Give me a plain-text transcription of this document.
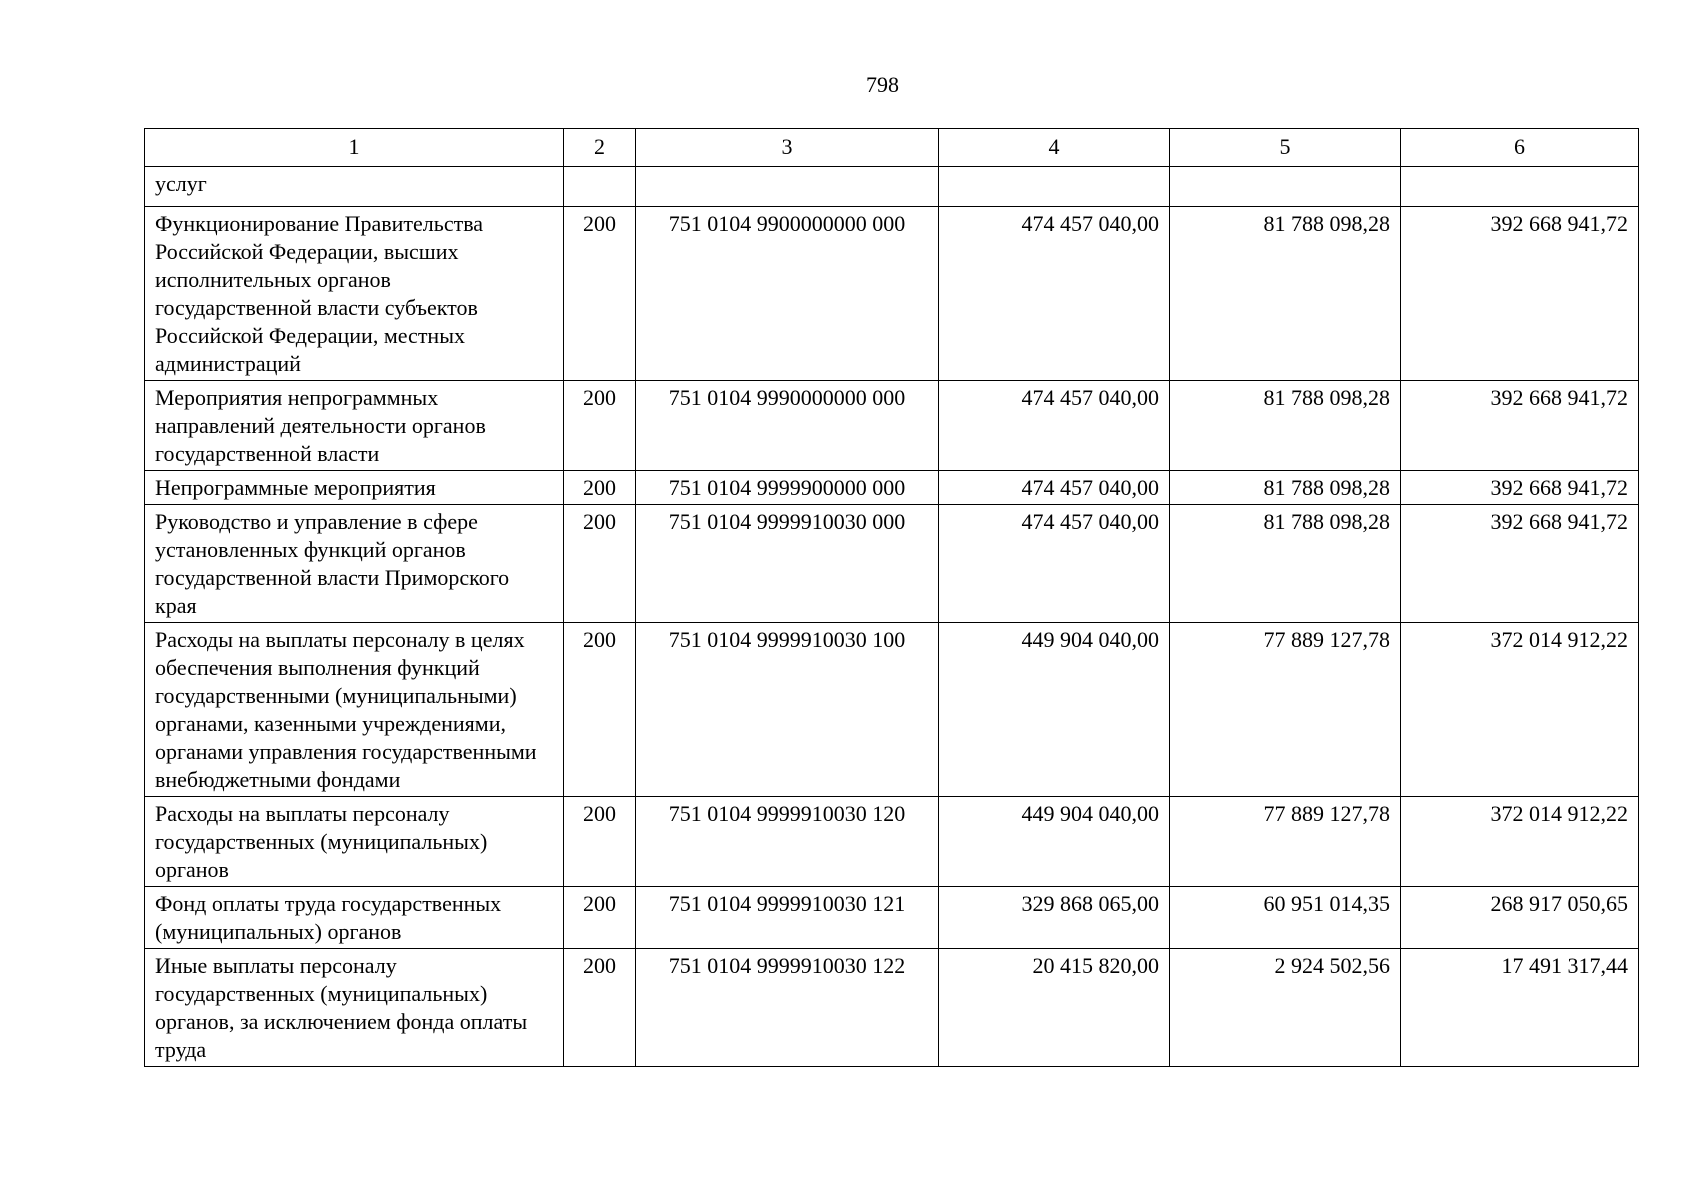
798
1	2	3	4	5	6
услуг					
Функционирование Правительства Российской Федерации, высших исполнительных органов государственной власти субъектов Российской Федерации, местных администраций	200	751 0104 9900000000 000	474 457 040,00	81 788 098,28	392 668 941,72
Мероприятия непрограммных направлений деятельности органов государственной власти	200	751 0104 9990000000 000	474 457 040,00	81 788 098,28	392 668 941,72
Непрограммные мероприятия	200	751 0104 9999900000 000	474 457 040,00	81 788 098,28	392 668 941,72
Руководство и управление в сфере установленных функций органов государственной власти Приморского края	200	751 0104 9999910030 000	474 457 040,00	81 788 098,28	392 668 941,72
Расходы на выплаты персоналу в целях обеспечения выполнения функций государственными (муниципальными) органами, казенными учреждениями, органами управления государственными внебюджетными фондами	200	751 0104 9999910030 100	449 904 040,00	77 889 127,78	372 014 912,22
Расходы на выплаты персоналу государственных (муниципальных) органов	200	751 0104 9999910030 120	449 904 040,00	77 889 127,78	372 014 912,22
Фонд оплаты труда государственных (муниципальных) органов	200	751 0104 9999910030 121	329 868 065,00	60 951 014,35	268 917 050,65
Иные выплаты персоналу государственных (муниципальных) органов, за исключением фонда оплаты труда	200	751 0104 9999910030 122	20 415 820,00	2 924 502,56	17 491 317,44
